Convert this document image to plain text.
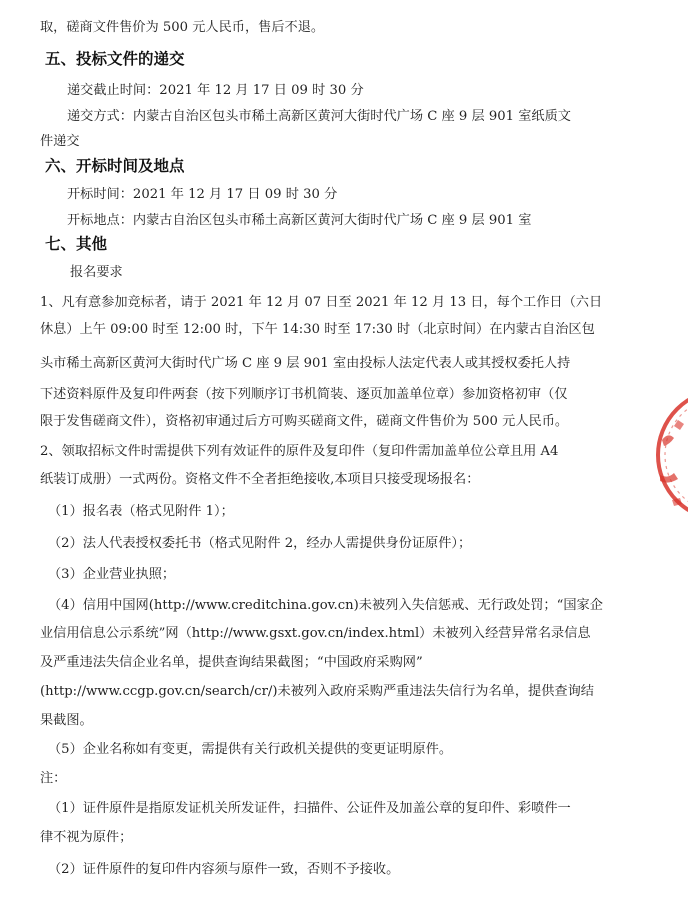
取，磋商文件售价为 500 元人民币，售后不退。
五、投标文件的递交
递交截止时间：2021 年 12 月 17 日 09 时 30 分
递交方式：内蒙古自治区包头市稀土高新区黄河大街时代广场 C 座 9 层 901 室纸质文
件递交
六、开标时间及地点
开标时间：2021 年 12 月 17 日 09 时 30 分
开标地点：内蒙古自治区包头市稀土高新区黄河大街时代广场 C 座 9 层 901 室
七、其他
报名要求
1、凡有意参加竞标者，请于 2021 年 12 月 07 日至 2021 年 12 月 13 日，每个工作日（六日
休息）上午 09:00 时至 12:00 时，下午 14:30 时至 17:30 时（北京时间）在内蒙古自治区包
头市稀土高新区黄河大街时代广场 C 座 9 层 901 室由投标人法定代表人或其授权委托人持
下述资料原件及复印件两套（按下列顺序订书机简装、逐页加盖单位章）参加资格初审（仅
限于发售磋商文件），资格初审通过后方可购买磋商文件，磋商文件售价为 500 元人民币。
2、领取招标文件时需提供下列有效证件的原件及复印件（复印件需加盖单位公章且用 A4
纸装订成册）一式两份。资格文件不全者拒绝接收,本项目只接受现场报名：
（1）报名表（格式见附件 1）；
（2）法人代表授权委托书（格式见附件 2，经办人需提供身份证原件）；
（3）企业营业执照；
（4）信用中国网(http://www.creditchina.gov.cn)未被列入失信惩戒、无行政处罚；“国家企
业信用信息公示系统”网（http://www.gsxt.gov.cn/index.html）未被列入经营异常名录信息
及严重违法失信企业名单，提供查询结果截图；“中国政府采购网”
(http://www.ccgp.gov.cn/search/cr/)未被列入政府采购严重违法失信行为名单，提供查询结
果截图。
（5）企业名称如有变更，需提供有关行政机关提供的变更证明原件。
注：
（1）证件原件是指原发证机关所发证件，扫描件、公证件及加盖公章的复印件、彩喷件一
律不视为原件；
（2）证件原件的复印件内容须与原件一致，否则不予接收。
